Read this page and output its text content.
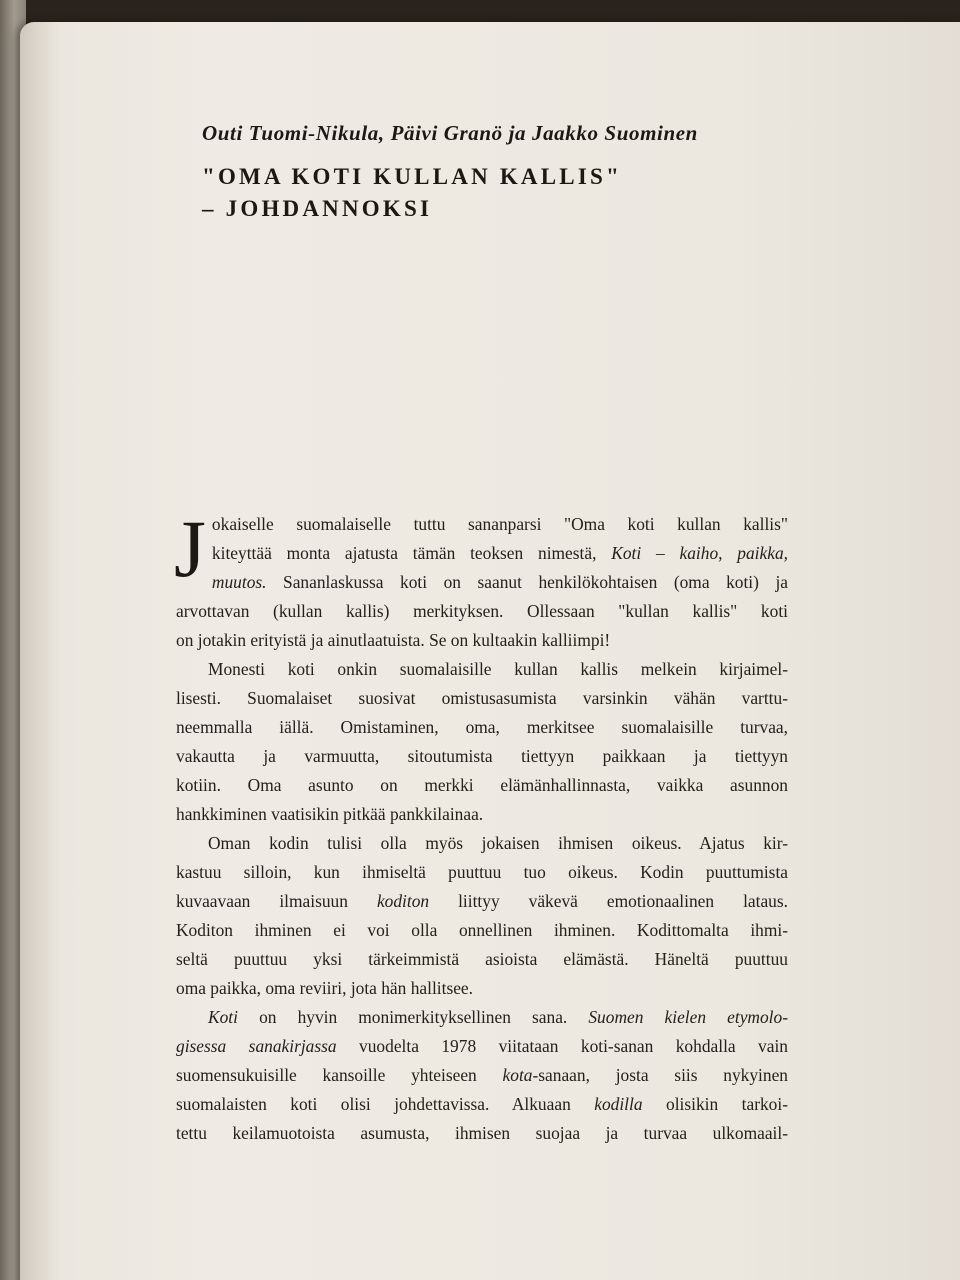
Outi Tuomi-Nikula, Päivi Granö ja Jaakko Suominen
"OMA KOTI KULLAN KALLIS"
– JOHDANNOKSI
J okaiselle suomalaiselle tuttu sananparsi "Oma koti kullan kallis"
kiteyttää monta ajatusta tämän teoksen nimestä, Koti – kaiho, paikka,
muutos. Sananlaskussa koti on saanut henkilökohtaisen (oma koti) ja
arvottavan (kullan kallis) merkityksen. Ollessaan "kullan kallis" koti
on jotakin erityistä ja ainutlaatuista. Se on kultaakin kalliimpi!
Monesti koti onkin suomalaisille kullan kallis melkein kirjaimel-
lisesti. Suomalaiset suosivat omistusasumista varsinkin vähän varttu-
neemmalla iällä. Omistaminen, oma, merkitsee suomalaisille turvaa,
vakautta ja varmuutta, sitoutumista tiettyyn paikkaan ja tiettyyn
kotiin. Oma asunto on merkki elämänhallinnasta, vaikka asunnon
hankkiminen vaatisikin pitkää pankkilainaa.
Oman kodin tulisi olla myös jokaisen ihmisen oikeus. Ajatus kir-
kastuu silloin, kun ihmiseltä puuttuu tuo oikeus. Kodin puuttumista
kuvaavaan ilmaisuun koditon liittyy väkevä emotionaalinen lataus.
Koditon ihminen ei voi olla onnellinen ihminen. Kodittomalta ihmi-
seltä puuttuu yksi tärkeimmistä asioista elämästä. Häneltä puuttuu
oma paikka, oma reviiri, jota hän hallitsee.
Koti on hyvin monimerkityksellinen sana. Suomen kielen etymolo-
gisessa sanakirjassa vuodelta 1978 viitataan koti-sanan kohdalla vain
suomensukuisille kansoille yhteiseen kota-sanaan, josta siis nykyinen
suomalaisten koti olisi johdettavissa. Alkuaan kodilla olisikin tarkoi-
tettu keilamuotoista asumusta, ihmisen suojaa ja turvaa ulkomaail-
